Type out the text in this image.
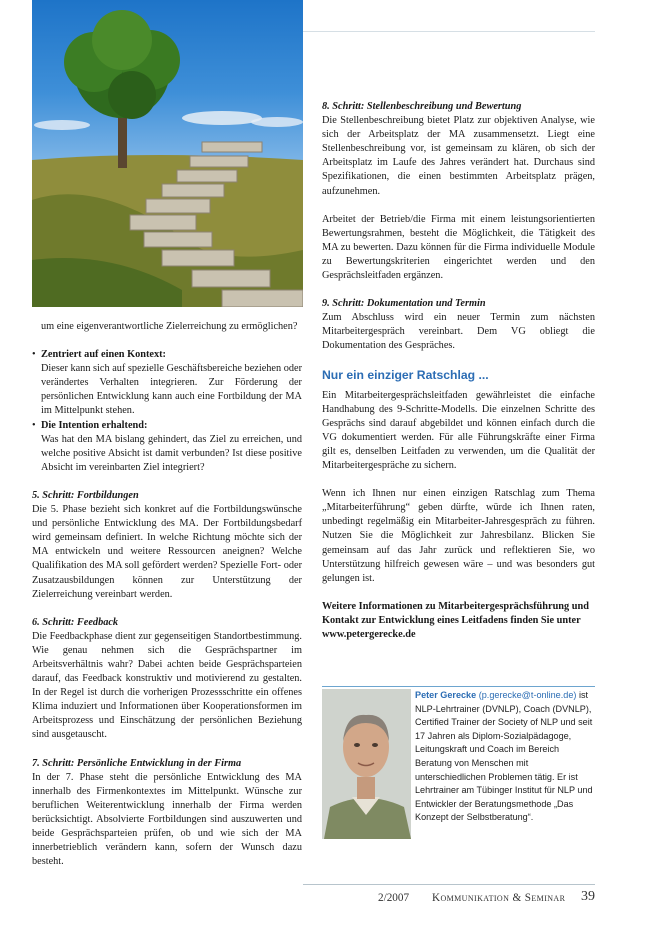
um eine eigenverantwortliche Zielerreichung zu ermöglichen?

• Zentriert auf einen Kontext:
Dieser kann sich auf spezielle Geschäftsbereiche beziehen oder verändertes Verhalten integrieren. Zur Förderung der persönlichen Entwicklung kann auch eine Fortbildung der MA im Mittelpunkt stehen.
• Die Intention erhaltend:
Was hat den MA bislang gehindert, das Ziel zu erreichen, und welche positive Absicht ist damit verbunden? Ist diese positive Absicht im vereinbarten Ziel integriert?
5. Schritt: Fortbildungen

Die 5. Phase bezieht sich konkret auf die Fortbildungswünsche und persönliche Entwicklung des MA. Der Fortbildungsbedarf wird gemeinsam definiert. In welche Richtung möchte sich der MA entwickeln und weitere Ressourcen aneignen? Welche Qualifikation des MA soll gefördert werden? Spezielle Fort- oder Zusatzausbildungen können zur Unterstützung der Zielerreichung vereinbart werden.

6. Schritt: Feedback

Die Feedbackphase dient zur gegenseitigen Standortbestimmung. Wie genau nehmen sich die Gesprächspartner im Arbeitsverhältnis wahr? Dabei achten beide Gesprächsparteien darauf, das Feedback konstruktiv und motivierend zu gestalten. In der Regel ist durch die vorherigen Prozessschritte ein offenes Klima induziert und Informationen über Kooperationsformen im Arbeitsprozess und Einschätzung der persönlichen Beziehung sind ausgetauscht.

7. Schritt: Persönliche Entwicklung in der Firma

In der 7. Phase steht die persönliche Entwicklung des MA innerhalb des Firmenkontextes im Mittelpunkt. Wünsche zur beruflichen Weiterentwicklung innerhalb der Firma werden berücksichtigt. Absolvierte Fortbildungen sind auszuwerten und beide Gesprächsparteien prüfen, ob und wie sich der MA innerbetrieblich verändern kann, sofern der Wunsch dazu besteht.

8. Schritt: Stellenbeschreibung und Bewertung

Die Stellenbeschreibung bietet Platz zur objektiven Analyse, wie sich der Arbeitsplatz der MA zusammensetzt. Liegt eine Stellenbeschreibung vor, ist gemeinsam zu klären, ob sich der Arbeitsplatz im Laufe des Jahres verändert hat. Durchaus sind Spezifikationen, die einen bestimmten Arbeitsplatz prägen, aufzunehmen.

Arbeitet der Betrieb/die Firma mit einem leistungsorientierten Bewertungsrahmen, besteht die Möglichkeit, die Tätigkeit des MA zu bewerten. Dazu können für die Firma individuelle Module zu Bewertungskriterien eingerichtet werden und den Gesprächsleitfaden ergänzen.

9. Schritt: Dokumentation und Termin

Zum Abschluss wird ein neuer Termin zum nächsten Mitarbeitergespräch vereinbart. Dem VG obliegt die Dokumentation des Gespräches.

Nur ein einziger Ratschlag ...

Ein Mitarbeitergesprächsleitfaden gewährleistet die einfache Handhabung des 9-Schritte-Modells. Die einzelnen Schritte des Gesprächs sind darauf abgebildet und können einfach durch die VG dokumentiert werden. Für alle Führungskräfte einer Firma gilt es, denselben Leitfaden zu verwenden, um die Qualität der Mitarbeitergespräche zu sichern.

Wenn ich Ihnen nur einen einzigen Ratschlag zum Thema „Mitarbeiterführung“ geben dürfte, würde ich Ihnen raten, unbedingt regelmäßig ein Mitarbeiter-Jahresgespräch zu führen. Nutzen Sie die Möglichkeit zur Jahresbilanz. Blicken Sie gemeinsam auf das Jahr zurück und reflektieren Sie, wo Unterstützung hilfreich gewesen wäre – und was besonders gut gelungen ist.

Weitere Informationen zu Mitarbeitergesprächsführung und Kontakt zur Entwicklung eines Leitfadens finden Sie unter www.petergerecke.de

Peter Gerecke (p.gerecke@t-online.de) ist NLP-Lehrtrainer (DVNLP), Coach (DVNLP), Certified Trainer der Society of NLP und seit 17 Jahren als Diplom-Sozialpädagoge, Leitungskraft und Coach im Bereich Beratung von Menschen mit unterschiedlichen Problemen tätig. Er ist Lehrtrainer am Tübinger Institut für NLP und Entwickler der Beratungsmethode „Das Konzept der Selbstberatung“.
2/2007 Kommunikation & Seminar 39
